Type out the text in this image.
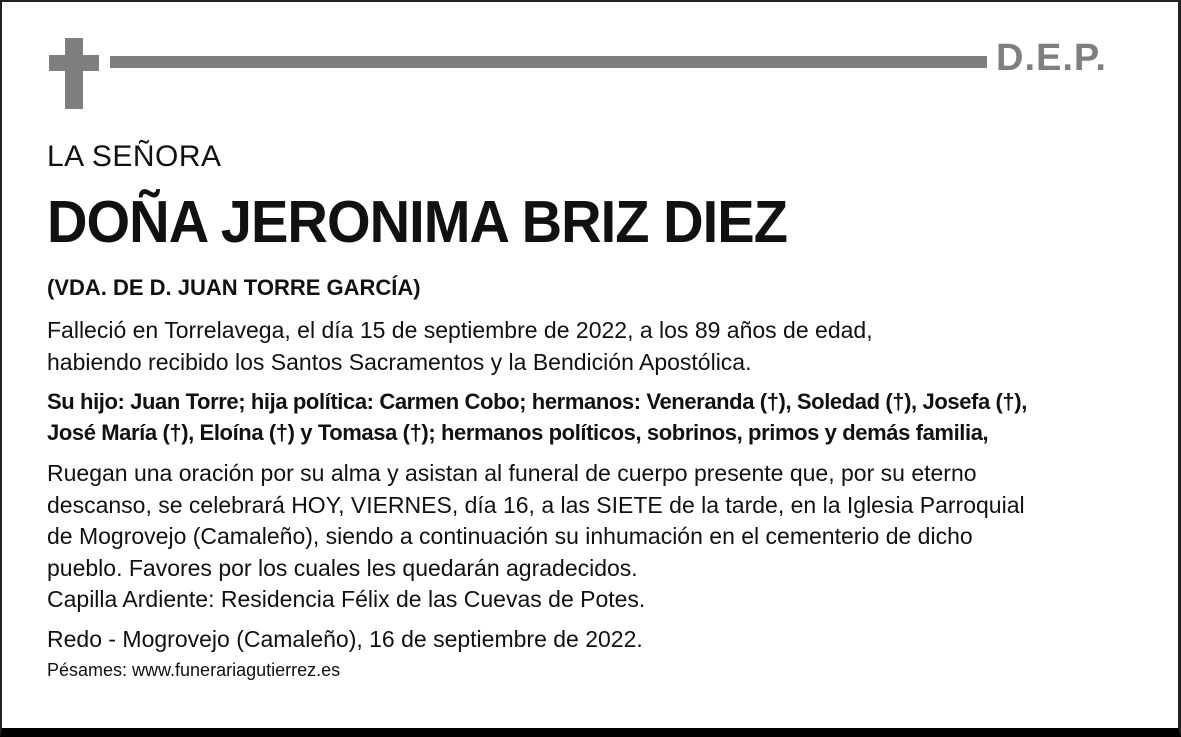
D.E.P.
LA SEÑORA
DOÑA JERONIMA BRIZ DIEZ
(VDA. DE D. JUAN TORRE GARCÍA)
Falleció en Torrelavega, el día 15 de septiembre de 2022, a los 89 años de edad,
habiendo recibido los Santos Sacramentos y la Bendición Apostólica.
Su hijo: Juan Torre; hija política: Carmen Cobo; hermanos: Veneranda (†), Soledad (†), Josefa (†),
José María (†), Eloína (†) y Tomasa (†); hermanos políticos, sobrinos, primos y demás familia,
Ruegan una oración por su alma y asistan al funeral de cuerpo presente que, por su eterno
descanso, se celebrará HOY, VIERNES, día 16, a las SIETE de la tarde, en la Iglesia Parroquial
de Mogrovejo (Camaleño), siendo a continuación su inhumación en el cementerio de dicho
pueblo. Favores por los cuales les quedarán agradecidos.
Capilla Ardiente: Residencia Félix de las Cuevas de Potes.
Redo - Mogrovejo (Camaleño), 16 de septiembre de 2022.
Pésames: www.funerariagutierrez.es
